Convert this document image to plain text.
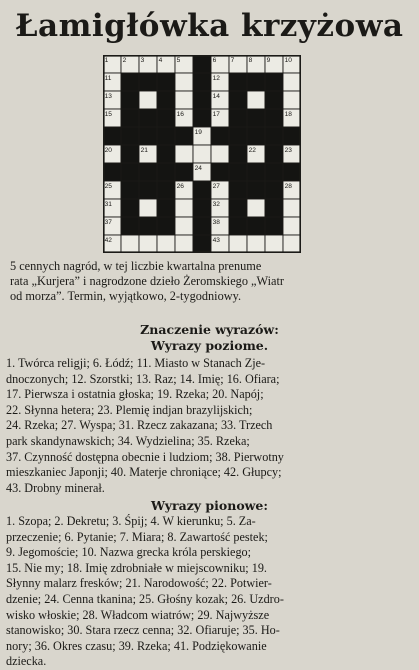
Łamigłówka krzyżowa
1 2 3 4 5	6 7 8 9 10
11	12
13	14
15	16	17	18
19
20	21	22	23
24
25	26	27	28
31	32
37	38
42	43
5 cennych nagród, w tej liczbie kwartalna prenume
rata „Kurjera” i nagrodzone dzieło Żeromskiego „Wiatr
od morza”. Termin, wyjątkowo, 2-tygodniowy.
Znaczenie wyrazów:
Wyrazy poziome.
1. Twórca religji; 6. Łódź; 11. Miasto w Stanach Zje-
dnoczonych; 12. Szorstki; 13. Raz; 14. Imię; 16. Ofiara;
17. Pierwsza i ostatnia głoska; 19. Rzeka; 20. Napój;
22. Słynna hetera; 23. Plemię indjan brazylijskich;
24. Rzeka; 27. Wyspa; 31. Rzecz zakazana; 33. Trzech
park skandynawskich; 34. Wydzielina; 35. Rzeka;
37. Czynność dostępna obecnie i ludziom; 38. Pierwotny
mieszkaniec Japonji; 40. Materje chroniące; 42. Głupcy;
43. Drobny minerał.
Wyrazy pionowe:
1. Szopa; 2. Dekretu; 3. Śpij; 4. W kierunku; 5. Za-
przeczenie; 6. Pytanie; 7. Miara; 8. Zawartość pestek;
9. Jegomoście; 10. Nazwa grecka króla perskiego;
15. Nie my; 18. Imię zdrobniałe w miejscowniku; 19.
Słynny malarz fresków; 21. Narodowość; 22. Potwier-
dzenie; 24. Cenna tkanina; 25. Głośny kozak; 26. Uzdro-
wisko włoskie; 28. Władcom wiatrów; 29. Najwyższe
stanowisko; 30. Stara rzecz cenna; 32. Ofiaruje; 35. Ho-
nory; 36. Okres czasu; 39. Rzeka; 41. Podziękowanie
dziecka.
